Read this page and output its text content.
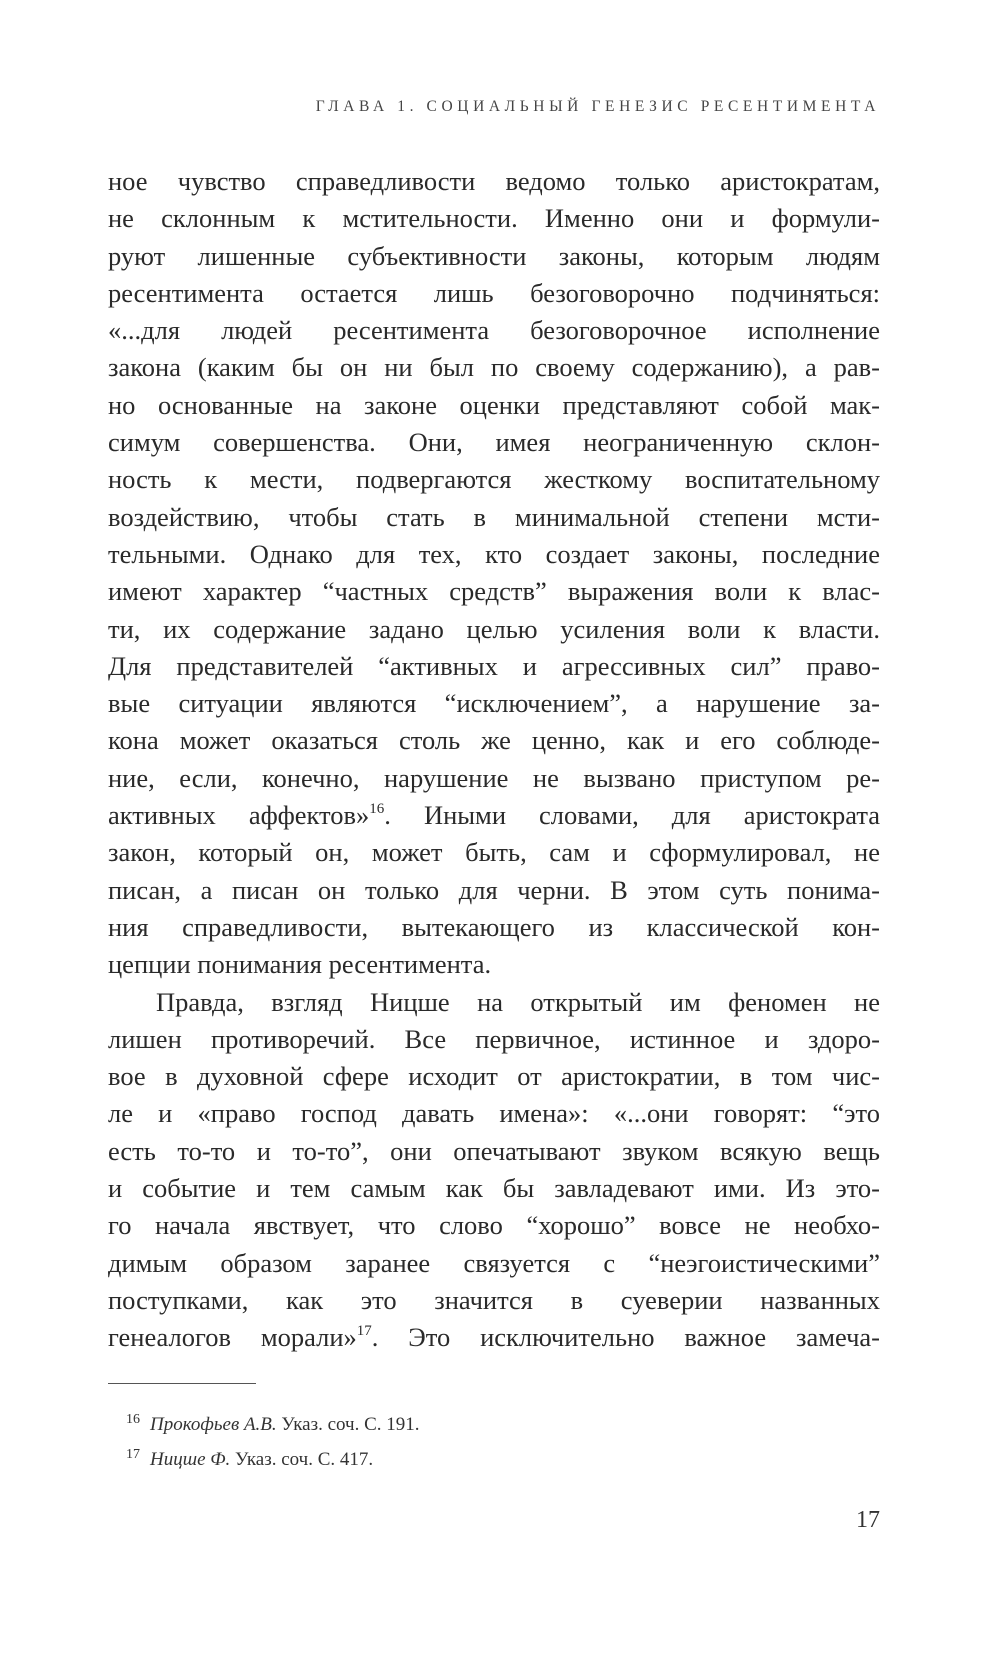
ГЛАВА 1. СОЦИАЛЬНЫЙ ГЕНЕЗИС РЕСЕНТИМЕНТА
ное чувство справедливости ведомо только аристократам,
не склонным к мстительности. Именно они и формули-
руют лишенные субъективности законы, которым людям
ресентимента остается лишь безоговорочно подчиняться:
«...для людей ресентимента безоговорочное исполнение
закона (каким бы он ни был по своему содержанию), а рав-
но основанные на законе оценки представляют собой мак-
симум совершенства. Они, имея неограниченную склон-
ность к мести, подвергаются жесткому воспитательному
воздействию, чтобы стать в минимальной степени мсти-
тельными. Однако для тех, кто создает законы, последние
имеют характер “частных средств” выражения воли к влас-
ти, их содержание задано целью усиления воли к власти.
Для представителей “активных и агрессивных сил” право-
вые ситуации являются “исключением”, а нарушение за-
кона может оказаться столь же ценно, как и его соблюде-
ние, если, конечно, нарушение не вызвано приступом ре-
активных аффектов»$^{16}$. Иными словами, для аристократа
закон, который он, может быть, сам и сформулировал, не
писан, а писан он только для черни. В этом суть понима-
ния справедливости, вытекающего из классической кон-
цепции понимания ресентимента.
Правда, взгляд Ницше на открытый им феномен не
лишен противоречий. Все первичное, истинное и здоро-
вое в духовной сфере исходит от аристократии, в том чис-
ле и «право господ давать имена»: «...они говорят: “это
есть то-то и то-то”, они опечатывают звуком всякую вещь
и событие и тем самым как бы завладевают ими. Из это-
го начала явствует, что слово “хорошо” вовсе не необхо-
димым образом заранее связуется с “неэгоистическими”
поступками, как это значится в суеверии названных
генеалогов морали»$^{17}$. Это исключительно важное замеча-
$^{16}$ Прокофьев А.В. Указ. соч. С. 191.
$^{17}$ Ницше Ф. Указ. соч. С. 417.
17
